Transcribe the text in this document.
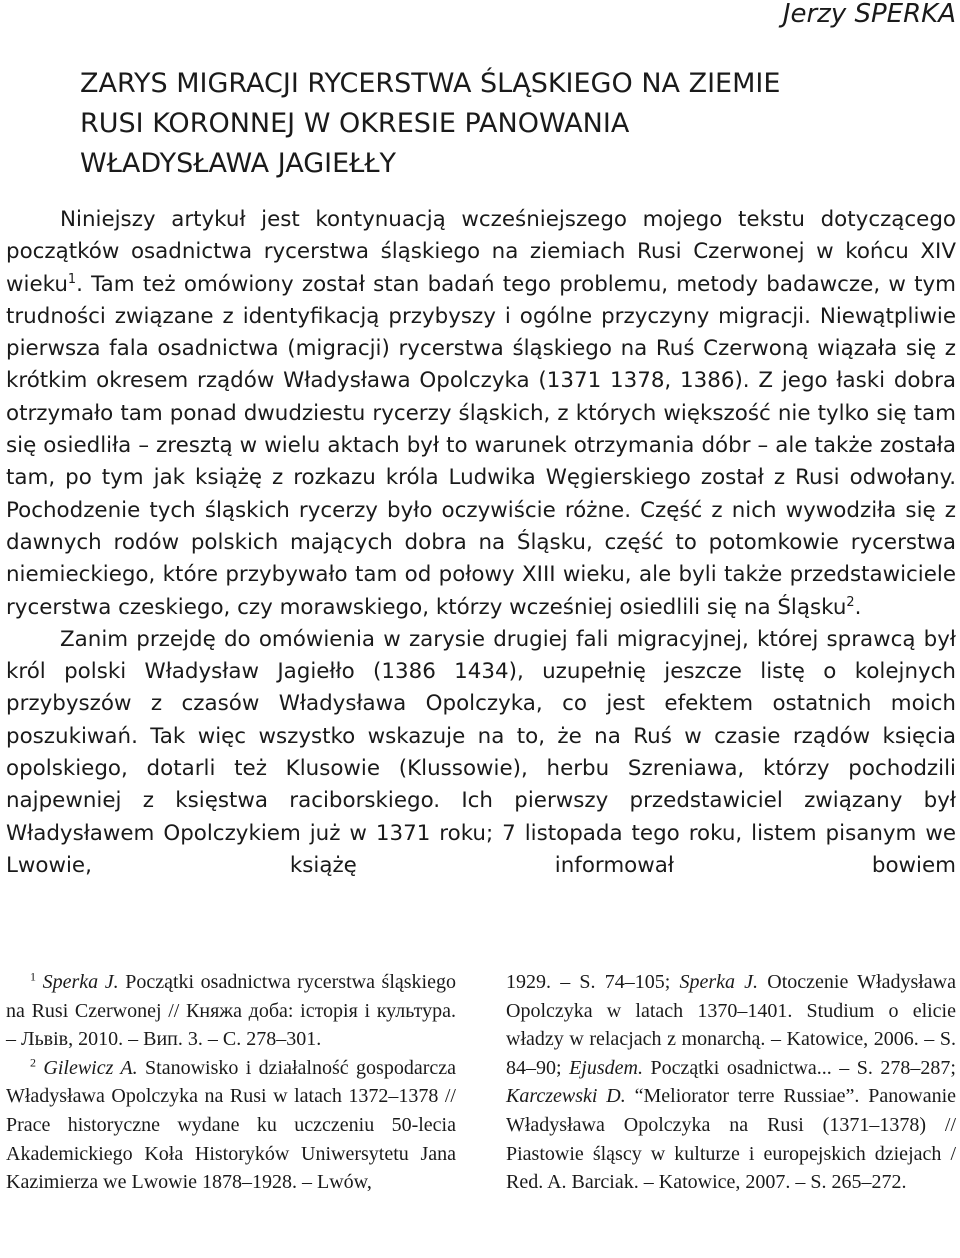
Jerzy SPERKA
ZARYS MIGRACJI RYCERSTWA ŚLĄSKIEGO NA ZIEMIE
RUSI KORONNEJ W OKRESIE PANOWANIA
WŁADYSŁAWA JAGIEŁŁY

Niniejszy artykuł jest kontynuacją wcześniejszego mojego tekstu dotyczącego początków osadnictwa rycerstwa śląskiego na ziemiach Rusi Czerwonej w końcu XIV wieku$^1$. Tam też omówiony został stan badań tego problemu, metody badawcze, w tym trudności związane z identyfikacją przybyszy i ogólne przyczyny migracji. Niewątpliwie pierwsza fala osadnictwa (migracji) rycerstwa śląskiego na Ruś Czerwoną wiązała się z krótkim okresem rządów Władysława Opolczyka (1371 1378, 1386). Z jego łaski dobra otrzymało tam ponad dwudziestu rycerzy śląskich, z których większość nie tylko się tam się osiedliła – zresztą w wielu aktach był to warunek otrzymania dóbr – ale także została tam, po tym jak książę z rozkazu króla Ludwika Węgierskiego został z Rusi odwołany. Pochodzenie tych śląskich rycerzy było oczywiście różne. Część z nich wywodziła się z dawnych rodów polskich mających dobra na Śląsku, część to potomkowie rycerstwa niemieckiego, które przybywało tam od połowy XIII wieku, ale byli także przedstawiciele rycerstwa czeskiego, czy morawskiego, którzy wcześniej osiedlili się na Śląsku$^2$.

Zanim przejdę do omówienia w zarysie drugiej fali migracyjnej, której sprawcą był król polski Władysław Jagiełło (1386 1434), uzupełnię jeszcze listę o kolejnych przybyszów z czasów Władysława Opolczyka, co jest efektem ostatnich moich poszukiwań. Tak więc wszystko wskazuje na to, że na Ruś w czasie rządów księcia opolskiego, dotarli też Klusowie (Klussowie), herbu Szreniawa, którzy pochodzili najpewniej z księstwa raciborskiego. Ich pierwszy przedstawiciel związany był Władysławem Opolczykiem już w 1371 roku; 7 listopada tego roku, listem pisanym we Lwowie, książę informował bowiem

$^1$ Sperka J. Początki osadnictwa rycerstwa śląskiego na Rusi Czerwonej // Княжа доба: історія і культура. – Львів, 2010. – Вип. 3. – С. 278–301.

$^2$ Gilewicz A. Stanowisko i działalność gospodarcza Władysława Opolczyka na Rusi w latach 1372–1378 // Prace historyczne wydane ku uczczeniu 50-lecia Akademickiego Koła Historyków Uniwersytetu Jana Kazimierza we Lwowie 1878–1928. – Lwów,

1929. – S. 74–105; Sperka J. Otoczenie Władysława Opolczyka w latach 1370–1401. Studium o elicie władzy w relacjach z monarchą. – Katowice, 2006. – S. 84–90; Ejusdem. Początki osadnictwa... – S. 278–287; Karczewski D. “Meliorator terre Russiae”. Panowanie Władysława Opolczyka na Rusi (1371–1378) // Piastowie śląscy w kulturze i europejskich dziejach / Red. A. Barciak. – Katowice, 2007. – S. 265–272.
